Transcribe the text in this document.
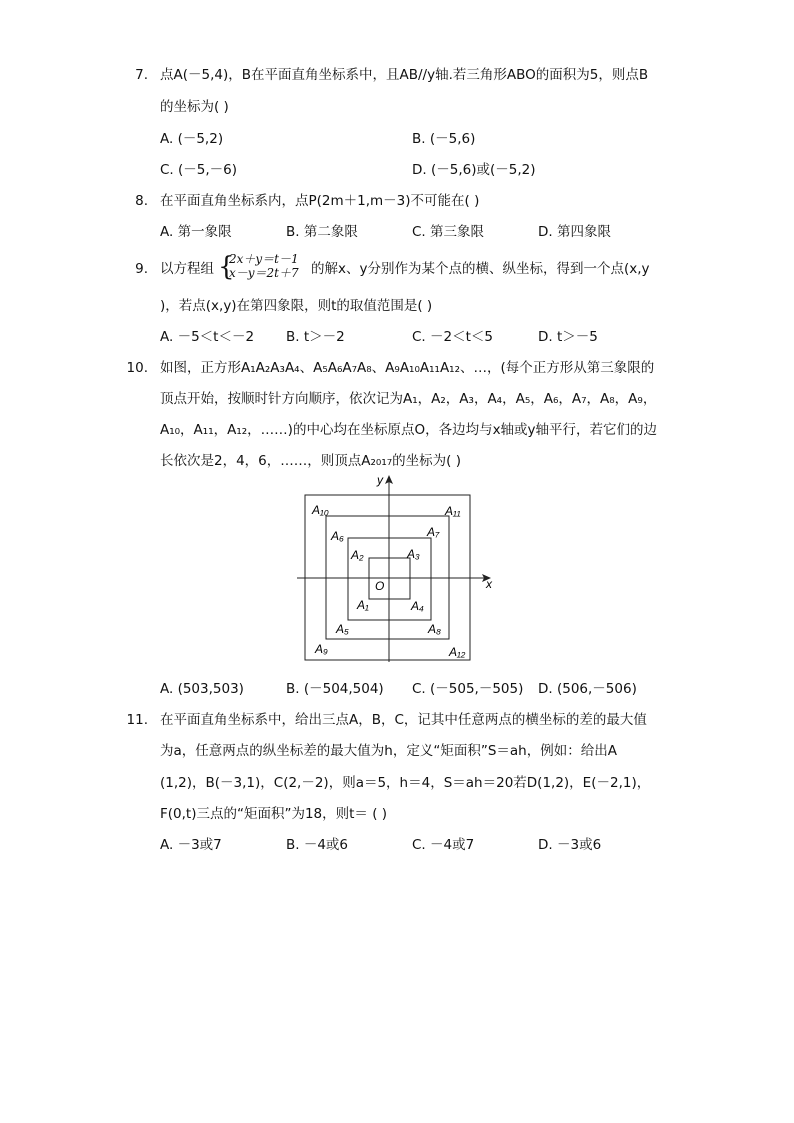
7. 点A(－5,4)，B在平面直角坐标系中，且AB//y轴.若三角形ABO的面积为5，则点B
的坐标为( )
A. (－5,2)	B. (－5,6)
C. (－5,－6)	D. (－5,6)或(－5,2)
8. 在平面直角坐标系内，点P(2m＋1,m－3)不可能在( )
A. 第一象限	B. 第二象限	C. 第三象限	D. 第四象限
9. 以方程组 {
2x＋y＝t－1
x－y＝2t＋7 的解x、y分别作为某个点的横、纵坐标，得到一个点(x,y
)，若点(x,y)在第四象限，则t的取值范围是( )
A. －5＜t＜－2 B. t＞－2	C. －2＜t＜5	D. t＞－5
10. 如图，正方形A₁A₂A₃A₄、A₅A₆A₇A₈、A₉A₁₀A₁₁A₁₂、…，(每个正方形从第三象限的
顶点开始，按顺时针方向顺序，依次记为A₁，A₂，A₃，A₄，A₅，A₆，A₇，A₈，A₉，
A₁₀，A₁₁，A₁₂，……)的中心均在坐标原点O，各边均与x轴或y轴平行，若它们的边
长依次是2，4，6，……，则顶点A₂₀₁₇的坐标为( )
x
y
O
A₂	A₃
A₁	A₄
A₆	A₇
A₅	A₈
A₁₀	A₁₁
A₉	A₁₂
A. (503,503)	B. (－504,504) C. (－505,－505) D. (506,－506)
11. 在平面直角坐标系中，给出三点A，B，C，记其中任意两点的横坐标的差的最大值
为a，任意两点的纵坐标差的最大值为h，定义“矩面积”S＝ah，例如：给出A
(1,2)，B(－3,1)，C(2,－2)，则a＝5，h＝4，S＝ah＝20若D(1,2)，E(－2,1)，
F(0,t)三点的“矩面积”为18，则t＝ ( )
A. －3或7	B. －4或6	C. －4或7	D. －3或6
